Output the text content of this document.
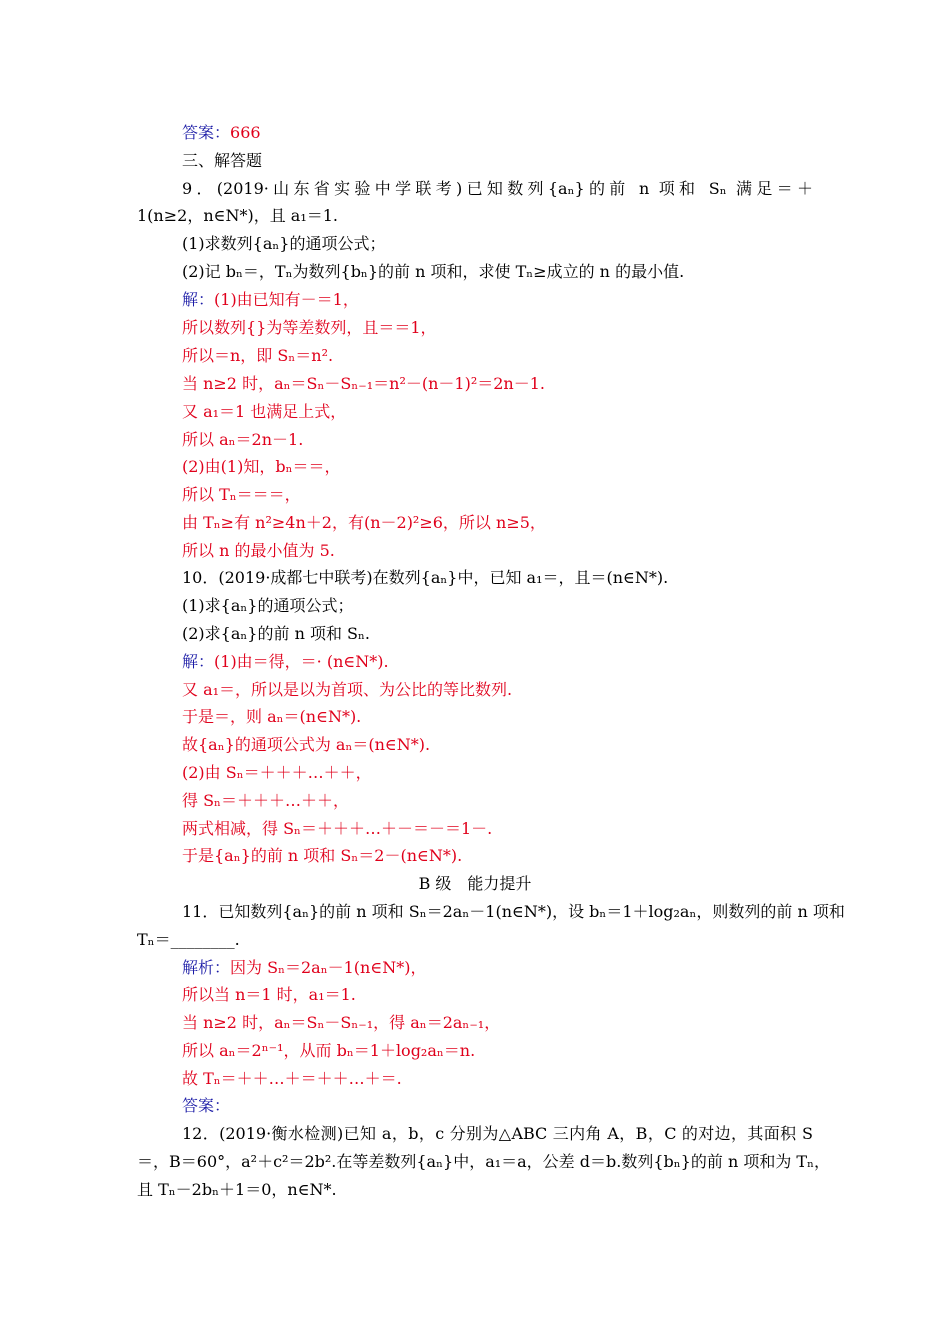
答案：666
三、解答题
9．(2019·山东省实验中学联考)已知数列{aₙ}的前 n 项和 Sₙ 满足＝＋
1(n≥2，n∈N*)，且 a₁＝1.
(1)求数列{aₙ}的通项公式；
(2)记 bₙ＝，Tₙ为数列{bₙ}的前 n 项和，求使 Tₙ≥成立的 n 的最小值.
解：(1)由已知有－＝1，
所以数列{}为等差数列，且＝＝1，
所以＝n，即 Sₙ＝n².
当 n≥2 时，aₙ＝Sₙ－Sₙ₋₁＝n²－(n－1)²＝2n－1.
又 a₁＝1 也满足上式，
所以 aₙ＝2n－1.
(2)由(1)知，bₙ＝＝，
所以 Tₙ＝＝＝，
由 Tₙ≥有 n²≥4n＋2，有(n－2)²≥6，所以 n≥5，
所以 n 的最小值为 5.
10．(2019·成都七中联考)在数列{aₙ}中，已知 a₁＝，且＝(n∈N*).
(1)求{aₙ}的通项公式；
(2)求{aₙ}的前 n 项和 Sₙ.
解：(1)由＝得，＝· (n∈N*).
又 a₁＝，所以是以为首项、为公比的等比数列.
于是＝，则 aₙ＝(n∈N*).
故{aₙ}的通项公式为 aₙ＝(n∈N*).
(2)由 Sₙ＝＋＋＋…＋＋，
得 Sₙ＝＋＋＋…＋＋，
两式相减，得 Sₙ＝＋＋＋…＋－＝－＝1－.
于是{aₙ}的前 n 项和 Sₙ＝2－(n∈N*).
B 级　能力提升
11．已知数列{aₙ}的前 n 项和 Sₙ＝2aₙ－1(n∈N*)，设 bₙ＝1＋log₂aₙ，则数列的前 n 项和
Tₙ＝________.
解析：因为 Sₙ＝2aₙ－1(n∈N*)，
所以当 n＝1 时，a₁＝1.
当 n≥2 时，aₙ＝Sₙ－Sₙ₋₁，得 aₙ＝2aₙ₋₁，
所以 aₙ＝2ⁿ⁻¹，从而 bₙ＝1＋log₂aₙ＝n.
故 Tₙ＝＋＋…＋＝＋＋…＋＝.
答案：
12．(2019·衡水检测)已知 a，b，c 分别为△ABC 三内角 A，B，C 的对边，其面积 S
＝，B＝60°，a²＋c²＝2b².在等差数列{aₙ}中，a₁＝a，公差 d＝b.数列{bₙ}的前 n 项和为 Tₙ，
且 Tₙ－2bₙ＋1＝0，n∈N*.
